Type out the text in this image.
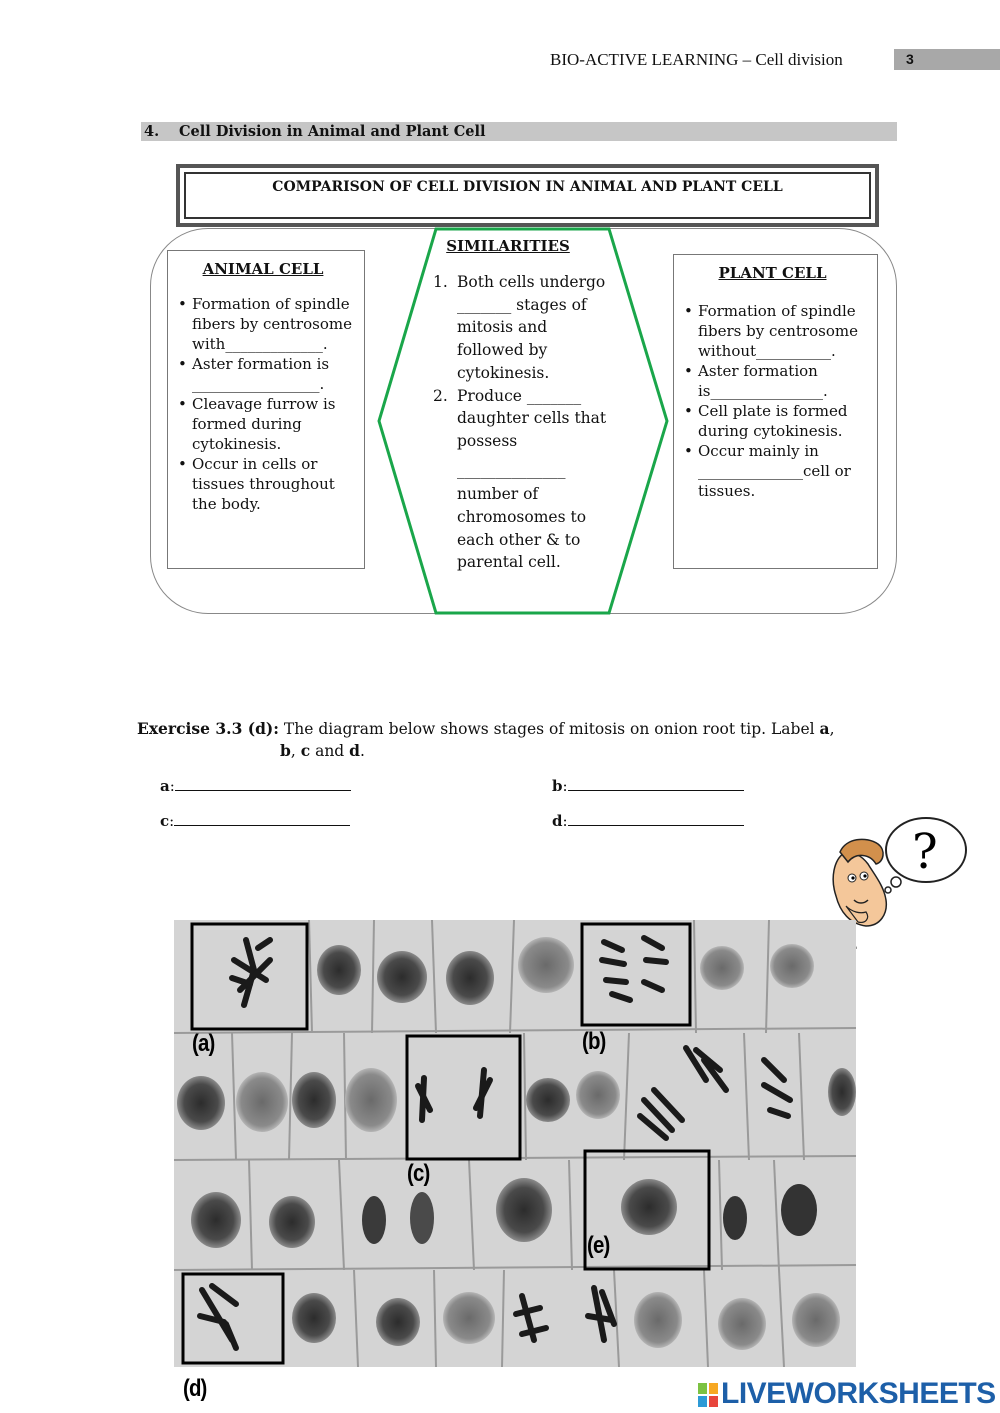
BIO-ACTIVE LEARNING – Cell division	3
4. Cell Division in Animal and Plant Cell
COMPARISON OF CELL DIVISION IN ANIMAL AND PLANT CELL
ANIMAL CELL
• Formation of spindle fibers by centrosome with_____________.
• Aster formation is _________________.
• Cleavage furrow is formed during cytokinesis.
• Occur in cells or tissues throughout the body.
SIMILARITIES
1. Both cells undergo _______ stages of mitosis and followed by cytokinesis.
2. Produce _______ daughter cells that possess
______________
number of chromosomes to each other & to parental cell.
PLANT CELL
• Formation of spindle fibers by centrosome without__________.
• Aster formation is_______________.
• Cell plate is formed during cytokinesis.
• Occur mainly in ______________cell or tissues.
Exercise 3.3 (d): The diagram below shows stages of mitosis on onion root tip. Label a,
b, c and d.
a:	b:
c:	d:
?
(a)	(b)
(c)
(e)
(d)	LIVEWORKSHEETS
